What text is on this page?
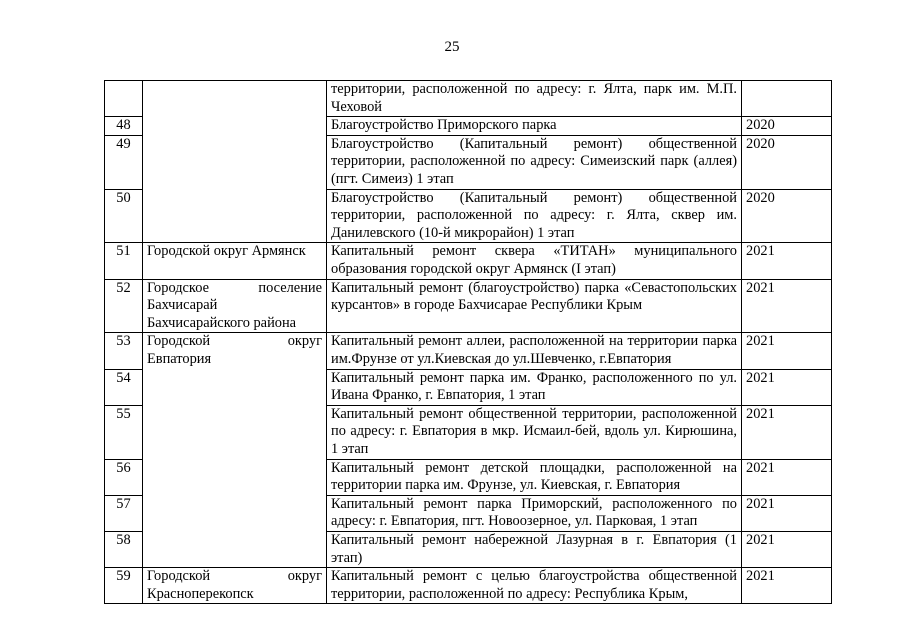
25
		территории, расположенной по адресу: г. Ялта, парк им. М.П. Чеховой	
48		Благоустройство Приморского парка	2020
49		Благоустройство (Капитальный ремонт) общественной территории, расположенной по адресу: Симеизский парк (аллея) (пгт. Симеиз) 1 этап	2020
50		Благоустройство (Капитальный ремонт) общественной территории, расположенной по адресу: г. Ялта, сквер им. Данилевского (10-й микрорайон) 1 этап	2020
51	Городской округ Армянск	Капитальный ремонт сквера «ТИТАН» муниципального образования городской округ Армянск (I этап)	2021
52	Городское поселение
Бахчисарай
Бахчисарайского района	Капитальный ремонт (благоустройство) парка «Севастопольских курсантов» в городе Бахчисарае Республики Крым	2021
53	Городской округ
Евпатория	Капитальный ремонт аллеи, расположенной на территории парка им.Фрунзе от ул.Киевская до ул.Шевченко, г.Евпатория	2021
54		Капитальный ремонт парка им. Франко, расположенного по ул. Ивана Франко, г. Евпатория, 1 этап	2021
55		Капитальный ремонт общественной территории, расположенной по адресу: г. Евпатория в мкр. Исмаил-бей, вдоль ул. Кирюшина, 1 этап	2021
56		Капитальный ремонт детской площадки, расположенной на территории парка им. Фрунзе, ул. Киевская, г. Евпатория	2021
57		Капитальный ремонт парка Приморский, расположенного по адресу: г. Евпатория, пгт. Новоозерное, ул. Парковая, 1 этап	2021
58		Капитальный ремонт набережной Лазурная в г. Евпатория (1 этап)	2021
59	Городской округ
Красноперекопск	Капитальный ремонт с целью благоустройства общественной территории, расположенной по адресу: Республика Крым,	2021
